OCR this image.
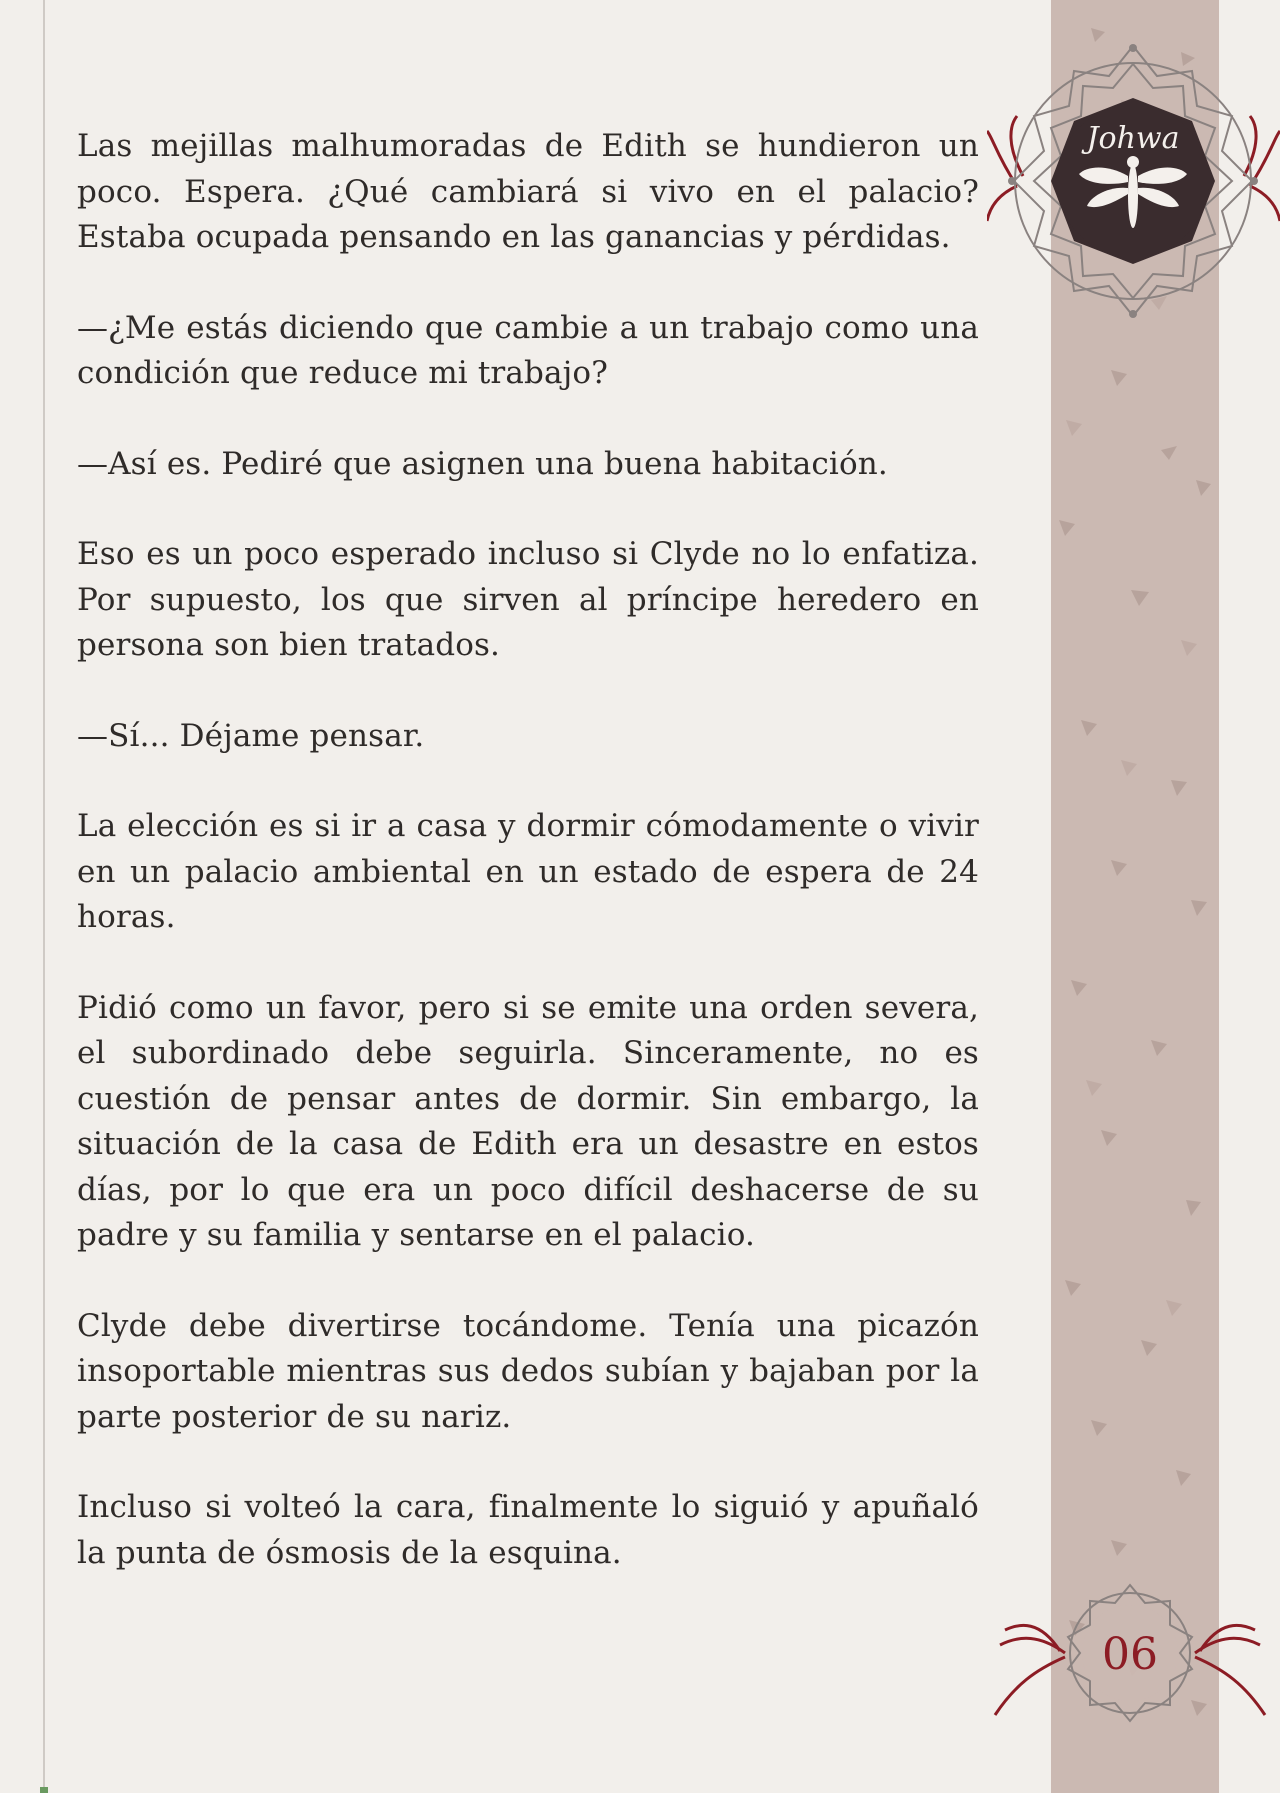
Johwa

Las mejillas malhumoradas de Edith se hundieron un poco. Espera. ¿Qué cambiará si vivo en el palacio? Estaba ocupada pensando en las ganancias y pérdidas.

—¿Me estás diciendo que cambie a un trabajo como una condición que reduce mi trabajo?

—Así es. Pediré que asignen una buena habitación.

Eso es un poco esperado incluso si Clyde no lo enfatiza. Por supuesto, los que sirven al príncipe heredero en persona son bien tratados.

—Sí... Déjame pensar.

La elección es si ir a casa y dormir cómodamente o vivir en un palacio ambiental en un estado de espera de 24 horas.

Pidió como un favor, pero si se emite una orden severa, el subordinado debe seguirla. Sinceramente, no es cuestión de pensar antes de dormir. Sin embargo, la situación de la casa de Edith era un desastre en estos días, por lo que era un poco difícil deshacerse de su padre y su familia y sentarse en el palacio.

Clyde debe divertirse tocándome. Tenía una picazón insoportable mientras sus dedos subían y bajaban por la parte posterior de su nariz.

Incluso si volteó la cara, finalmente lo siguió y apuñaló la punta de ósmosis de la esquina.

06
